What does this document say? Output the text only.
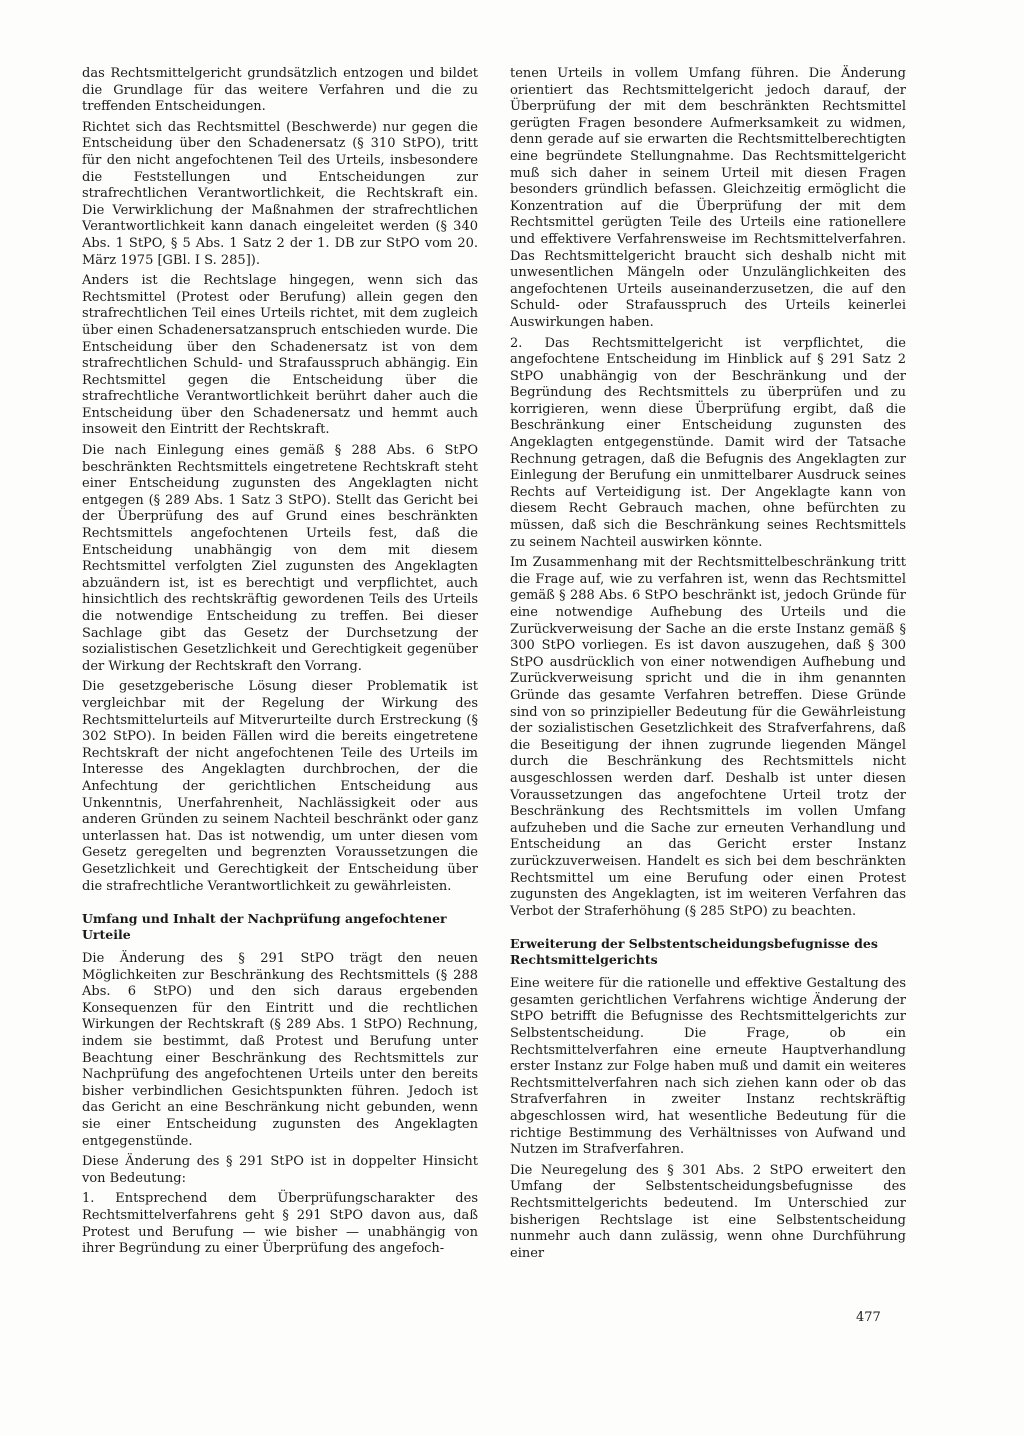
das Rechtsmittelgericht grundsätzlich entzogen und bildet die Grundlage für das weitere Verfahren und die zu treffenden Entscheidungen.

Richtet sich das Rechtsmittel (Beschwerde) nur gegen die Entscheidung über den Schadenersatz (§ 310 StPO), tritt für den nicht angefochtenen Teil des Urteils, insbesondere die Feststellungen und Entscheidungen zur strafrechtlichen Verantwortlichkeit, die Rechtskraft ein. Die Verwirklichung der Maßnahmen der strafrechtlichen Verantwortlichkeit kann danach eingeleitet werden (§ 340 Abs. 1 StPO, § 5 Abs. 1 Satz 2 der 1. DB zur StPO vom 20. März 1975 [GBl. I S. 285]).

Anders ist die Rechtslage hingegen, wenn sich das Rechtsmittel (Protest oder Berufung) allein gegen den strafrechtlichen Teil eines Urteils richtet, mit dem zugleich über einen Schadenersatzanspruch entschieden wurde. Die Entscheidung über den Schadenersatz ist von dem strafrechtlichen Schuld- und Strafausspruch abhängig. Ein Rechtsmittel gegen die Entscheidung über die strafrechtliche Verantwortlichkeit berührt daher auch die Entscheidung über den Schadenersatz und hemmt auch insoweit den Eintritt der Rechtskraft.

Die nach Einlegung eines gemäß § 288 Abs. 6 StPO beschränkten Rechtsmittels eingetretene Rechtskraft steht einer Entscheidung zugunsten des Angeklagten nicht entgegen (§ 289 Abs. 1 Satz 3 StPO). Stellt das Gericht bei der Überprüfung des auf Grund eines beschränkten Rechtsmittels angefochtenen Urteils fest, daß die Entscheidung unabhängig von dem mit diesem Rechtsmittel verfolgten Ziel zugunsten des Angeklagten abzuändern ist, ist es berechtigt und verpflichtet, auch hinsichtlich des rechtskräftig gewordenen Teils des Urteils die notwendige Entscheidung zu treffen. Bei dieser Sachlage gibt das Gesetz der Durchsetzung der sozialistischen Gesetzlichkeit und Gerechtigkeit gegenüber der Wirkung der Rechtskraft den Vorrang.

Die gesetzgeberische Lösung dieser Problematik ist vergleichbar mit der Regelung der Wirkung des Rechtsmittelurteils auf Mitverurteilte durch Erstreckung (§ 302 StPO). In beiden Fällen wird die bereits eingetretene Rechtskraft der nicht angefochtenen Teile des Urteils im Interesse des Angeklagten durchbrochen, der die Anfechtung der gerichtlichen Entscheidung aus Unkenntnis, Unerfahrenheit, Nachlässigkeit oder aus anderen Gründen zu seinem Nachteil beschränkt oder ganz unterlassen hat. Das ist notwendig, um unter diesen vom Gesetz geregelten und begrenzten Voraussetzungen die Gesetzlichkeit und Gerechtigkeit der Entscheidung über die strafrechtliche Verantwortlichkeit zu gewährleisten.

Umfang und Inhalt der Nachprüfung angefochtener Urteile

Die Änderung des § 291 StPO trägt den neuen Möglichkeiten zur Beschränkung des Rechtsmittels (§ 288 Abs. 6 StPO) und den sich daraus ergebenden Konsequenzen für den Eintritt und die rechtlichen Wirkungen der Rechtskraft (§ 289 Abs. 1 StPO) Rechnung, indem sie bestimmt, daß Protest und Berufung unter Beachtung einer Beschränkung des Rechtsmittels zur Nachprüfung des angefochtenen Urteils unter den bereits bisher verbindlichen Gesichtspunkten führen. Jedoch ist das Gericht an eine Beschränkung nicht gebunden, wenn sie einer Entscheidung zugunsten des Angeklagten entgegenstünde.

Diese Änderung des § 291 StPO ist in doppelter Hinsicht von Bedeutung:

1. Entsprechend dem Überprüfungscharakter des Rechtsmittelverfahrens geht § 291 StPO davon aus, daß Protest und Berufung — wie bisher — unabhängig von ihrer Begründung zu einer Überprüfung des angefoch-

tenen Urteils in vollem Umfang führen. Die Änderung orientiert das Rechtsmittelgericht jedoch darauf, der Überprüfung der mit dem beschränkten Rechtsmittel gerügten Fragen besondere Aufmerksamkeit zu widmen, denn gerade auf sie erwarten die Rechtsmittelberechtigten eine begründete Stellungnahme. Das Rechtsmittelgericht muß sich daher in seinem Urteil mit diesen Fragen besonders gründlich befassen. Gleichzeitig ermöglicht die Konzentration auf die Überprüfung der mit dem Rechtsmittel gerügten Teile des Urteils eine rationellere und effektivere Verfahrensweise im Rechtsmittelverfahren. Das Rechtsmittelgericht braucht sich deshalb nicht mit unwesentlichen Mängeln oder Unzulänglichkeiten des angefochtenen Urteils auseinanderzusetzen, die auf den Schuld- oder Strafausspruch des Urteils keinerlei Auswirkungen haben.

2. Das Rechtsmittelgericht ist verpflichtet, die angefochtene Entscheidung im Hinblick auf § 291 Satz 2 StPO unabhängig von der Beschränkung und der Begründung des Rechtsmittels zu überprüfen und zu korrigieren, wenn diese Überprüfung ergibt, daß die Beschränkung einer Entscheidung zugunsten des Angeklagten entgegenstünde. Damit wird der Tatsache Rechnung getragen, daß die Befugnis des Angeklagten zur Einlegung der Berufung ein unmittelbarer Ausdruck seines Rechts auf Verteidigung ist. Der Angeklagte kann von diesem Recht Gebrauch machen, ohne befürchten zu müssen, daß sich die Beschränkung seines Rechtsmittels zu seinem Nachteil auswirken könnte.

Im Zusammenhang mit der Rechtsmittelbeschränkung tritt die Frage auf, wie zu verfahren ist, wenn das Rechtsmittel gemäß § 288 Abs. 6 StPO beschränkt ist, jedoch Gründe für eine notwendige Aufhebung des Urteils und die Zurückverweisung der Sache an die erste Instanz gemäß § 300 StPO vorliegen. Es ist davon auszugehen, daß § 300 StPO ausdrücklich von einer notwendigen Aufhebung und Zurückverweisung spricht und die in ihm genannten Gründe das gesamte Verfahren betreffen. Diese Gründe sind von so prinzipieller Bedeutung für die Gewährleistung der sozialistischen Gesetzlichkeit des Strafverfahrens, daß die Beseitigung der ihnen zugrunde liegenden Mängel durch die Beschränkung des Rechtsmittels nicht ausgeschlossen werden darf. Deshalb ist unter diesen Voraussetzungen das angefochtene Urteil trotz der Beschränkung des Rechtsmittels im vollen Umfang aufzuheben und die Sache zur erneuten Verhandlung und Entscheidung an das Gericht erster Instanz zurückzuverweisen. Handelt es sich bei dem beschränkten Rechtsmittel um eine Berufung oder einen Protest zugunsten des Angeklagten, ist im weiteren Verfahren das Verbot der Straferhöhung (§ 285 StPO) zu beachten.

Erweiterung der Selbstentscheidungsbefugnisse des Rechtsmittelgerichts

Eine weitere für die rationelle und effektive Gestaltung des gesamten gerichtlichen Verfahrens wichtige Änderung der StPO betrifft die Befugnisse des Rechtsmittelgerichts zur Selbstentscheidung. Die Frage, ob ein Rechtsmittelverfahren eine erneute Hauptverhandlung erster Instanz zur Folge haben muß und damit ein weiteres Rechtsmittelverfahren nach sich ziehen kann oder ob das Strafverfahren in zweiter Instanz rechtskräftig abgeschlossen wird, hat wesentliche Bedeutung für die richtige Bestimmung des Verhältnisses von Aufwand und Nutzen im Strafverfahren.

Die Neuregelung des § 301 Abs. 2 StPO erweitert den Umfang der Selbstentscheidungsbefugnisse des Rechtsmittelgerichts bedeutend. Im Unterschied zur bisherigen Rechtslage ist eine Selbstentscheidung nunmehr auch dann zulässig, wenn ohne Durchführung einer

477
